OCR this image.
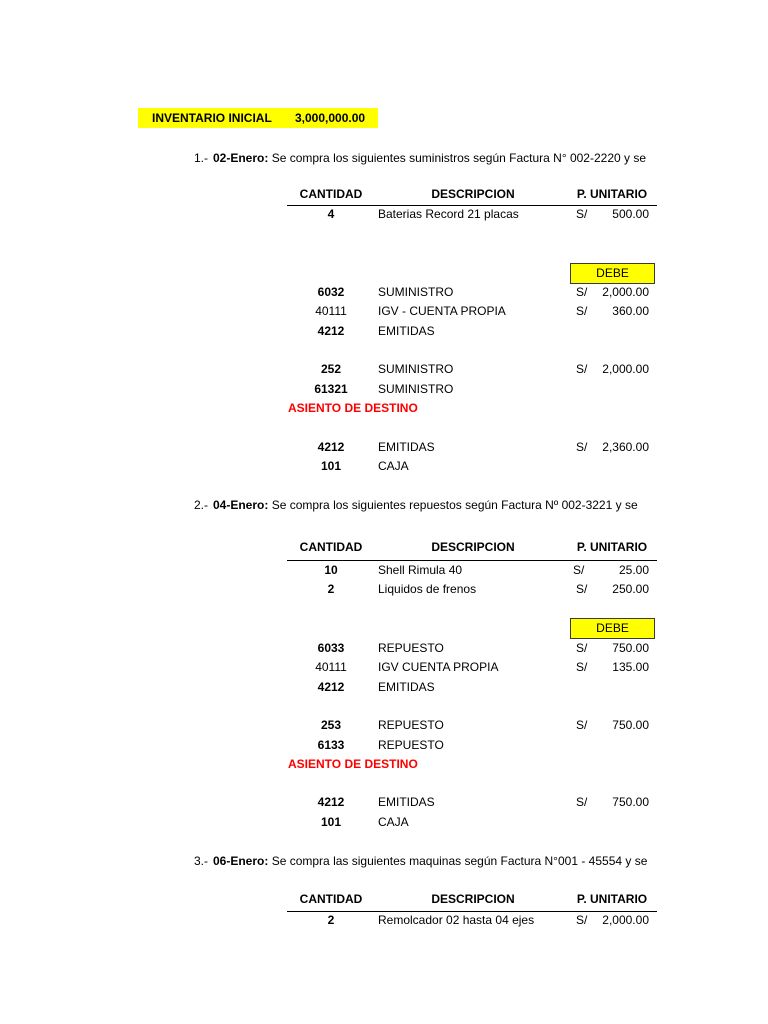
INVENTARIO INICIAL 3,000,000.00
1.- 02-Enero: Se compra los siguientes suministros según Factura N° 002-2220 y se
CANTIDAD	DESCRIPCION	P. UNITARIO
4	Baterias Record 21 placas	S/	500.00
DEBE
6032	SUMINISTRO	S/	2,000.00
40111	IGV - CUENTA PROPIA	S/	360.00
4212	EMITIDAS
252	SUMINISTRO	S/	2,000.00
61321	SUMINISTRO
ASIENTO DE DESTINO
4212	EMITIDAS	S/	2,360.00
101	CAJA
2.- 04-Enero: Se compra los siguientes repuestos según Factura Nº 002-3221 y se
CANTIDAD	DESCRIPCION	P. UNITARIO
10	Shell Rimula 40	S/	25.00
2	Liquidos de frenos	S/	250.00
DEBE
6033	REPUESTO	S/	750.00
40111	IGV CUENTA PROPIA	S/	135.00
4212	EMITIDAS
253	REPUESTO	S/	750.00
6133	REPUESTO
ASIENTO DE DESTINO
4212	EMITIDAS	S/	750.00
101	CAJA
3.- 06-Enero: Se compra las siguientes maquinas según Factura N°001 - 45554 y se
CANTIDAD	DESCRIPCION	P. UNITARIO
2	Remolcador 02 hasta 04 ejes	S/	2,000.00
